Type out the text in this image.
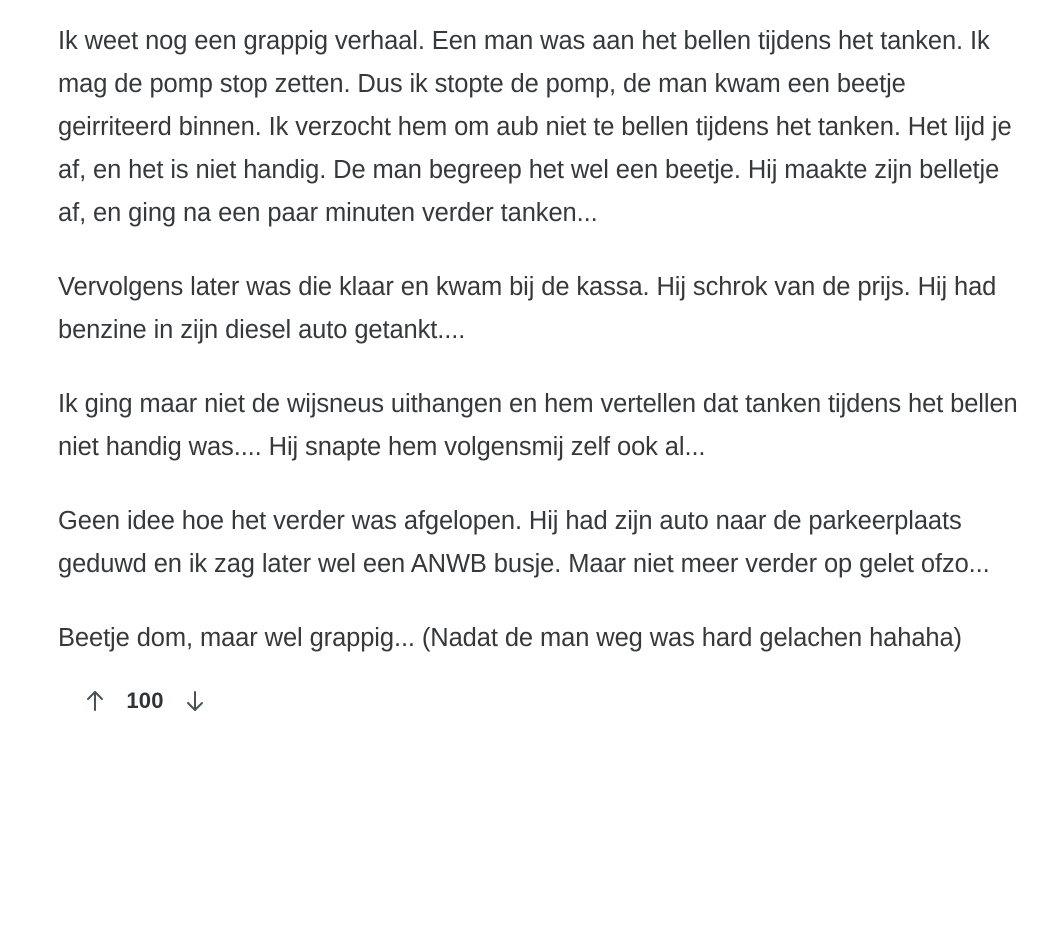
Ik weet nog een grappig verhaal. Een man was aan het bellen tijdens het tanken. Ik mag de pomp stop zetten. Dus ik stopte de pomp, de man kwam een beetje geirriteerd binnen. Ik verzocht hem om aub niet te bellen tijdens het tanken. Het lijd je af, en het is niet handig. De man begreep het wel een beetje. Hij maakte zijn belletje af, en ging na een paar minuten verder tanken...

Vervolgens later was die klaar en kwam bij de kassa. Hij schrok van de prijs. Hij had benzine in zijn diesel auto getankt....

Ik ging maar niet de wijsneus uithangen en hem vertellen dat tanken tijdens het bellen niet handig was.... Hij snapte hem volgensmij zelf ook al...

Geen idee hoe het verder was afgelopen. Hij had zijn auto naar de parkeerplaats geduwd en ik zag later wel een ANWB busje. Maar niet meer verder op gelet ofzo...

Beetje dom, maar wel grappig... (Nadat de man weg was hard gelachen hahaha)

100
